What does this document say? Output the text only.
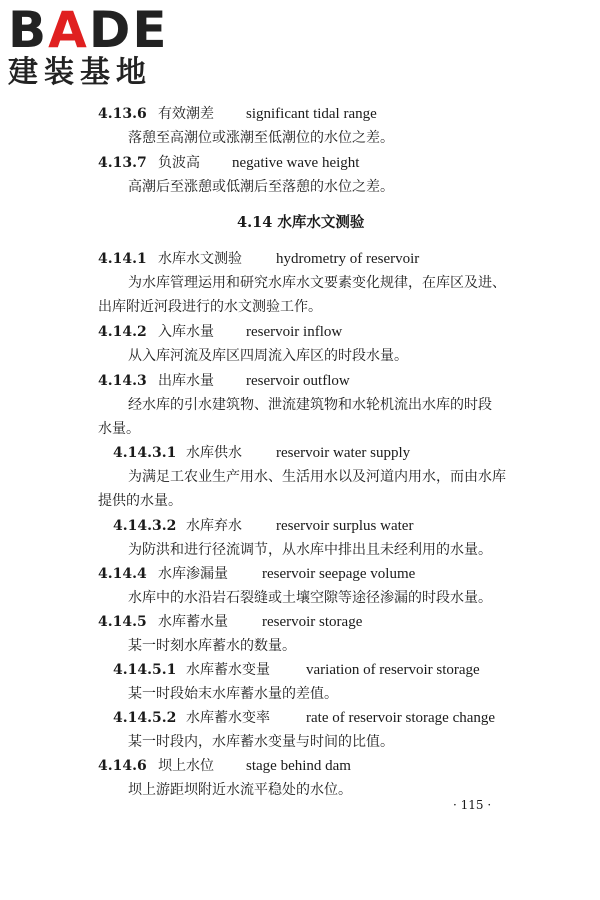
BADE
建装基地
4.13.6 有效潮差 significant tidal range
落憩至高潮位或涨潮至低潮位的水位之差。
4.13.7 负波高 negative wave height
高潮后至涨憩或低潮后至落憩的水位之差。
4.14 水库水文测验
4.14.1 水库水文测验 hydrometry of reservoir
为水库管理运用和研究水库水文要素变化规律，在库区及进、
出库附近河段进行的水文测验工作。
4.14.2 入库水量 reservoir inflow
从入库河流及库区四周流入库区的时段水量。
4.14.3 出库水量 reservoir outflow
经水库的引水建筑物、泄流建筑物和水轮机流出水库的时段
水量。
4.14.3.1 水库供水 reservoir water supply
为满足工农业生产用水、生活用水以及河道内用水，而由水库
提供的水量。
4.14.3.2 水库弃水 reservoir surplus water
为防洪和进行径流调节，从水库中排出且未经利用的水量。
4.14.4 水库渗漏量 reservoir seepage volume
水库中的水沿岩石裂缝或土壤空隙等途径渗漏的时段水量。
4.14.5 水库蓄水量 reservoir storage
某一时刻水库蓄水的数量。
4.14.5.1 水库蓄水变量 variation of reservoir storage
某一时段始末水库蓄水量的差值。
4.14.5.2 水库蓄水变率 rate of reservoir storage change
某一时段内，水库蓄水变量与时间的比值。
4.14.6 坝上水位 stage behind dam
坝上游距坝附近水流平稳处的水位。
· 115 ·
